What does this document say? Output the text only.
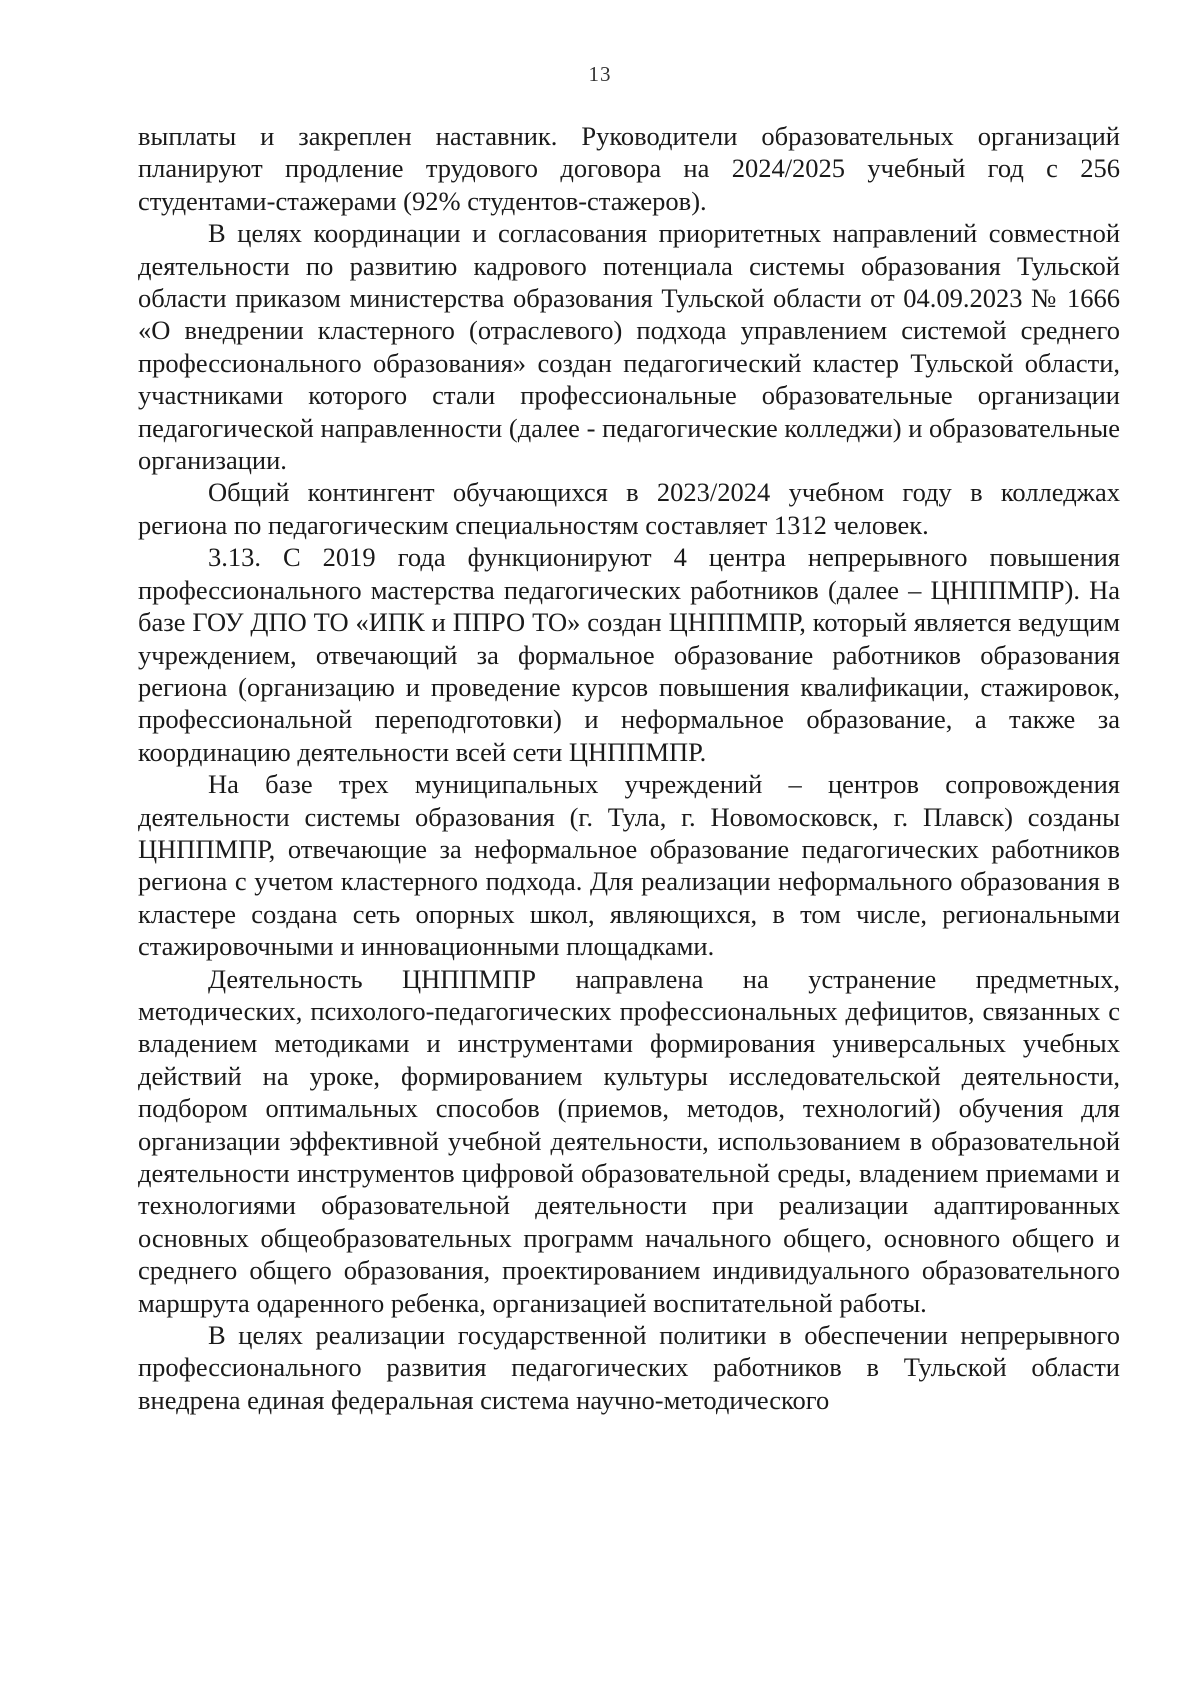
13

выплаты и закреплен наставник. Руководители образовательных организаций планируют продление трудового договора на 2024/2025 учебный год с 256 студентами-стажерами (92% студентов-стажеров).

В целях координации и согласования приоритетных направлений совместной деятельности по развитию кадрового потенциала системы образования Тульской области приказом министерства образования Тульской области от 04.09.2023 № 1666 «О внедрении кластерного (отраслевого) подхода управлением системой среднего профессионального образования» создан педагогический кластер Тульской области, участниками которого стали профессиональные образовательные организации педагогической направленности (далее - педагогические колледжи) и образовательные организации.

Общий контингент обучающихся в 2023/2024 учебном году в колледжах региона по педагогическим специальностям составляет 1312 человек.

3.13. С 2019 года функционируют 4 центра непрерывного повышения профессионального мастерства педагогических работников (далее – ЦНППМПР). На базе ГОУ ДПО ТО «ИПК и ППРО ТО» создан ЦНППМПР, который является ведущим учреждением, отвечающий за формальное образование работников образования региона (организацию и проведение курсов повышения квалификации, стажировок, профессиональной переподготовки) и неформальное образование, а также за координацию деятельности всей сети ЦНППМПР.

На базе трех муниципальных учреждений – центров сопровождения деятельности системы образования (г. Тула, г. Новомосковск, г. Плавск) созданы ЦНППМПР, отвечающие за неформальное образование педагогических работников региона с учетом кластерного подхода. Для реализации неформального образования в кластере создана сеть опорных школ, являющихся, в том числе, региональными стажировочными и инновационными площадками.

Деятельность ЦНППМПР направлена на устранение предметных, методических, психолого-педагогических профессиональных дефицитов, связанных с владением методиками и инструментами формирования универсальных учебных действий на уроке, формированием культуры исследовательской деятельности, подбором оптимальных способов (приемов, методов, технологий) обучения для организации эффективной учебной деятельности, использованием в образовательной деятельности инструментов цифровой образовательной среды, владением приемами и технологиями образовательной деятельности при реализации адаптированных основных общеобразовательных программ начального общего, основного общего и среднего общего образования, проектированием индивидуального образовательного маршрута одаренного ребенка, организацией воспитательной работы.

В целях реализации государственной политики в обеспечении непрерывного профессионального развития педагогических работников в Тульской области внедрена единая федеральная система научно-методического
